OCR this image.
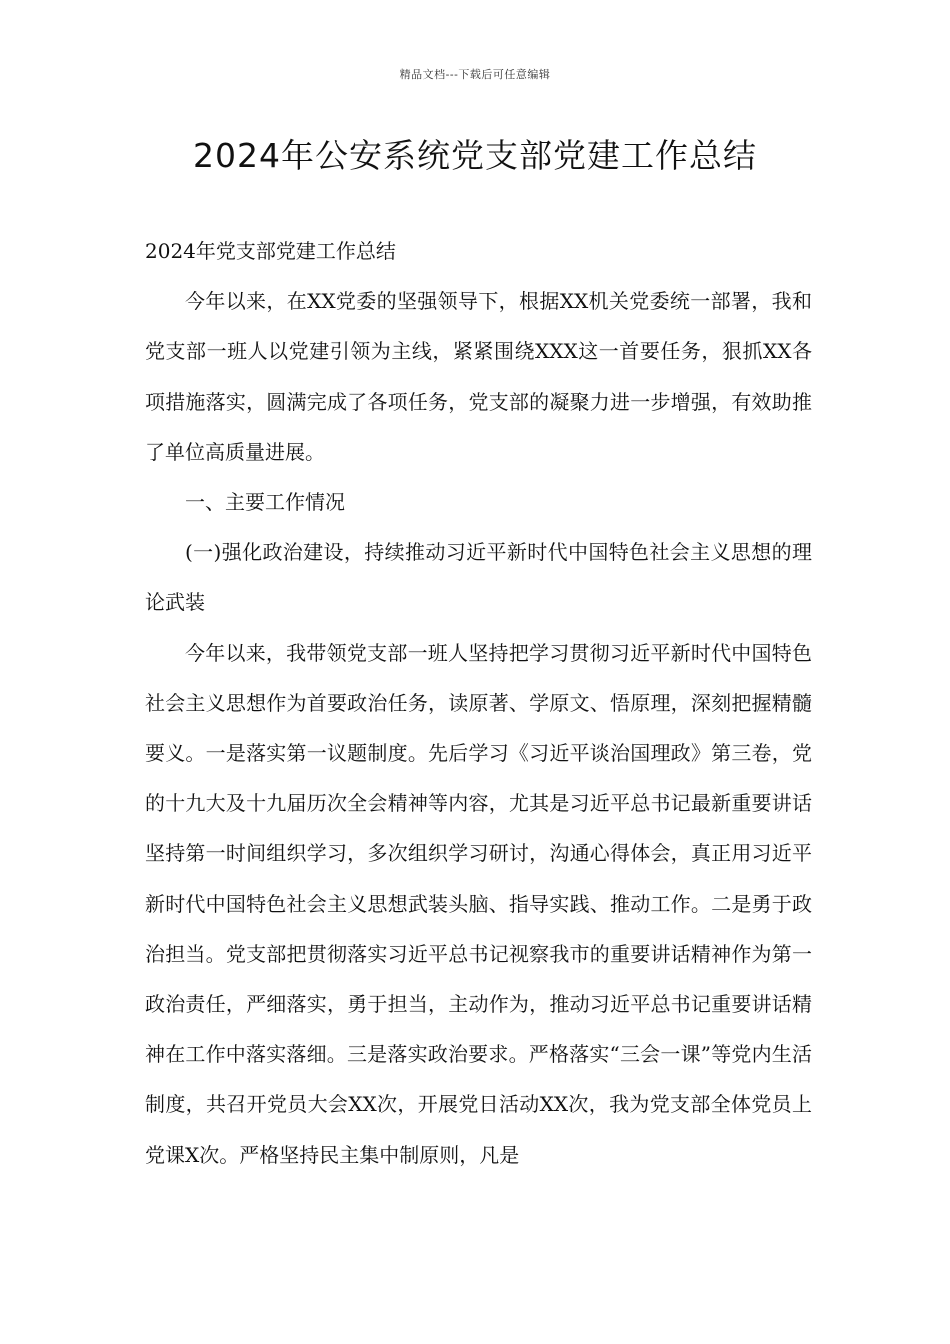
精品文档---下载后可任意编辑
2024年公安系统党支部党建工作总结

2024年党支部党建工作总结

今年以来，在XX党委的坚强领导下，根据XX机关党委统一部署，我和党支部一班人以党建引领为主线，紧紧围绕XXX这一首要任务，狠抓XX各项措施落实，圆满完成了各项任务，党支部的凝聚力进一步增强，有效助推了单位高质量进展。

一、主要工作情况

(一)强化政治建设，持续推动习近平新时代中国特色社会主义思想的理论武装

今年以来，我带领党支部一班人坚持把学习贯彻习近平新时代中国特色社会主义思想作为首要政治任务，读原著、学原文、悟原理，深刻把握精髓要义。一是落实第一议题制度。先后学习《习近平谈治国理政》第三卷，党的十九大及十九届历次全会精神等内容，尤其是习近平总书记最新重要讲话坚持第一时间组织学习，多次组织学习研讨，沟通心得体会，真正用习近平新时代中国特色社会主义思想武装头脑、指导实践、推动工作。二是勇于政治担当。党支部把贯彻落实习近平总书记视察我市的重要讲话精神作为第一政治责任，严细落实，勇于担当，主动作为，推动习近平总书记重要讲话精神在工作中落实落细。三是落实政治要求。严格落实“三会一课”等党内生活制度，共召开党员大会XX次，开展党日活动XX次，我为党支部全体党员上党课X次。严格坚持民主集中制原则，凡是
